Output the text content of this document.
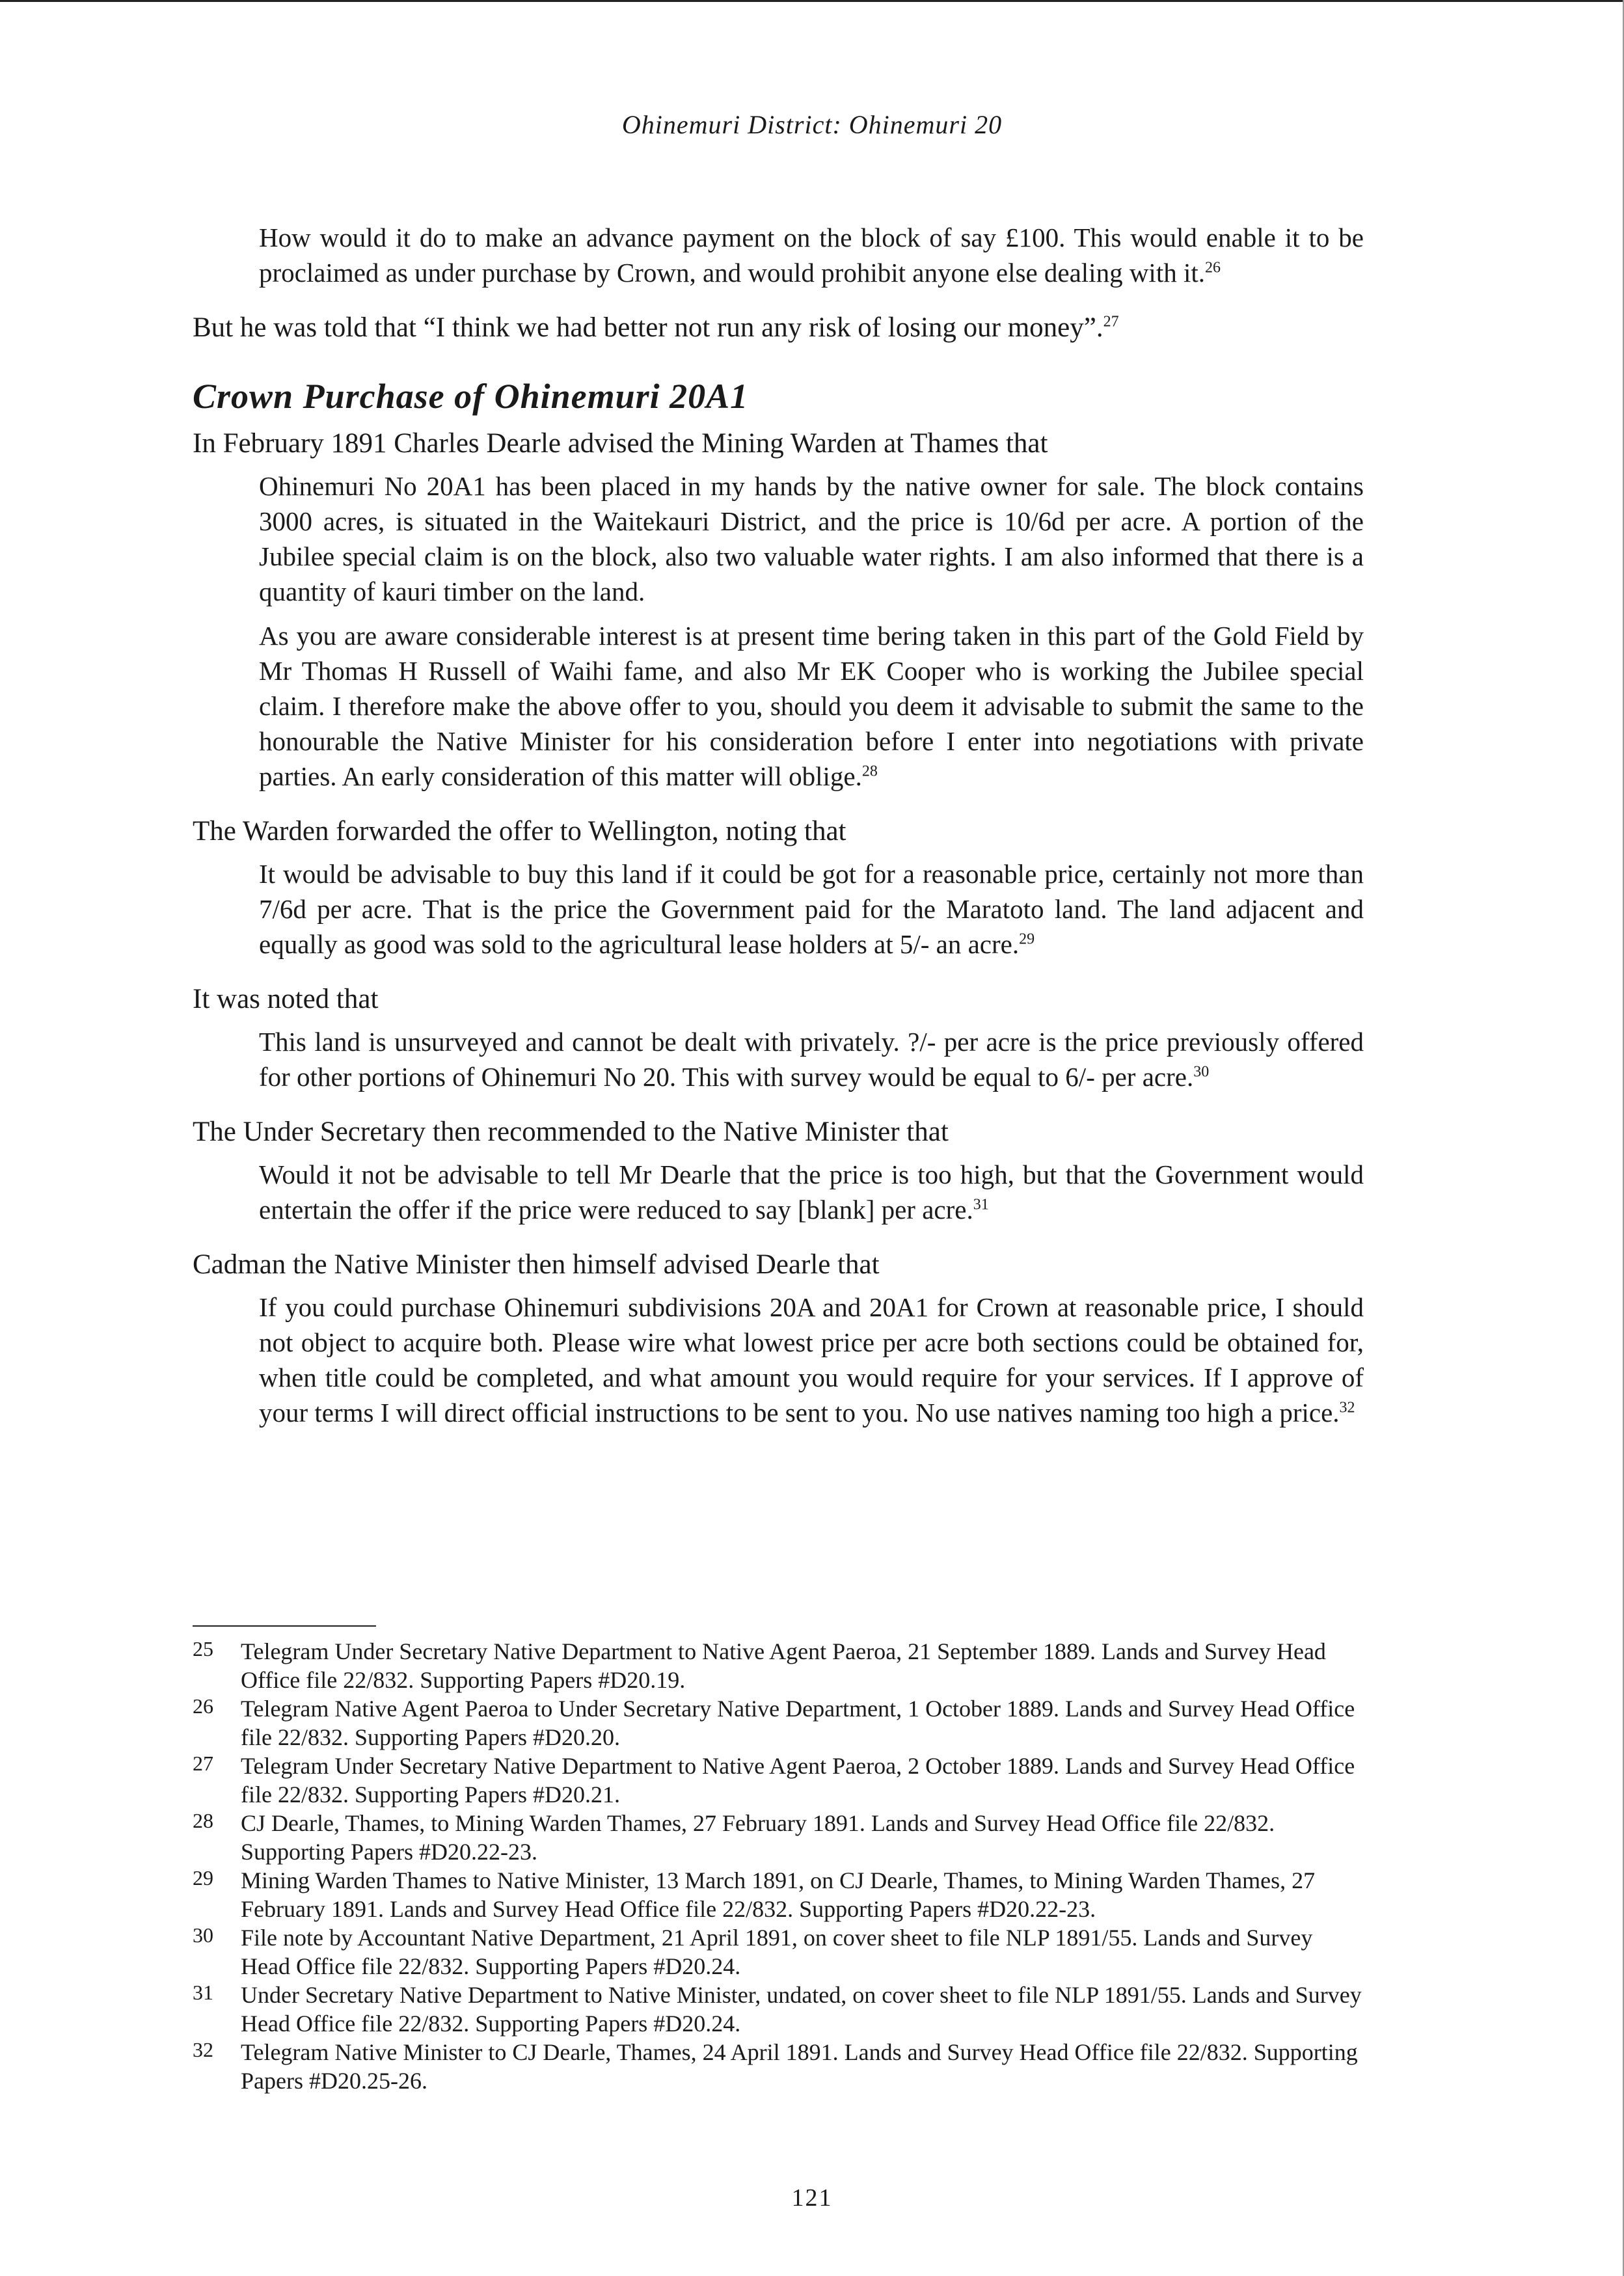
Ohinemuri District: Ohinemuri 20

How would it do to make an advance payment on the block of say £100. This would enable it to be proclaimed as under purchase by Crown, and would prohibit anyone else dealing with it.$^{26}$

But he was told that “I think we had better not run any risk of losing our money”.$^{27}$

Crown Purchase of Ohinemuri 20A1

In February 1891 Charles Dearle advised the Mining Warden at Thames that

Ohinemuri No 20A1 has been placed in my hands by the native owner for sale. The block contains 3000 acres, is situated in the Waitekauri District, and the price is 10/6d per acre. A portion of the Jubilee special claim is on the block, also two valuable water rights. I am also informed that there is a quantity of kauri timber on the land.

As you are aware considerable interest is at present time bering taken in this part of the Gold Field by Mr Thomas H Russell of Waihi fame, and also Mr EK Cooper who is working the Jubilee special claim. I therefore make the above offer to you, should you deem it advisable to submit the same to the honourable the Native Minister for his consideration before I enter into negotiations with private parties. An early consideration of this matter will oblige.$^{28}$

The Warden forwarded the offer to Wellington, noting that

It would be advisable to buy this land if it could be got for a reasonable price, certainly not more than 7/6d per acre. That is the price the Government paid for the Maratoto land. The land adjacent and equally as good was sold to the agricultural lease holders at 5/- an acre.$^{29}$

It was noted that

This land is unsurveyed and cannot be dealt with privately. ?/- per acre is the price previously offered for other portions of Ohinemuri No 20. This with survey would be equal to 6/- per acre.$^{30}$

The Under Secretary then recommended to the Native Minister that

Would it not be advisable to tell Mr Dearle that the price is too high, but that the Government would entertain the offer if the price were reduced to say [blank] per acre.$^{31}$

Cadman the Native Minister then himself advised Dearle that

If you could purchase Ohinemuri subdivisions 20A and 20A1 for Crown at reasonable price, I should not object to acquire both. Please wire what lowest price per acre both sections could be obtained for, when title could be completed, and what amount you would require for your services. If I approve of your terms I will direct official instructions to be sent to you. No use natives naming too high a price.$^{32}$

25	Telegram Under Secretary Native Department to Native Agent Paeroa, 21 September 1889. Lands and Survey Head Office file 22/832. Supporting Papers #D20.19.
26	Telegram Native Agent Paeroa to Under Secretary Native Department, 1 October 1889. Lands and Survey Head Office file 22/832. Supporting Papers #D20.20.
27	Telegram Under Secretary Native Department to Native Agent Paeroa, 2 October 1889. Lands and Survey Head Office file 22/832. Supporting Papers #D20.21.
28	CJ Dearle, Thames, to Mining Warden Thames, 27 February 1891. Lands and Survey Head Office file 22/832. Supporting Papers #D20.22-23.
29	Mining Warden Thames to Native Minister, 13 March 1891, on CJ Dearle, Thames, to Mining Warden Thames, 27 February 1891. Lands and Survey Head Office file 22/832. Supporting Papers #D20.22-23.
30	File note by Accountant Native Department, 21 April 1891, on cover sheet to file NLP 1891/55. Lands and Survey Head Office file 22/832. Supporting Papers #D20.24.
31	Under Secretary Native Department to Native Minister, undated, on cover sheet to file NLP 1891/55. Lands and Survey Head Office file 22/832. Supporting Papers #D20.24.
32	Telegram Native Minister to CJ Dearle, Thames, 24 April 1891. Lands and Survey Head Office file 22/832. Supporting Papers #D20.25-26.
121
